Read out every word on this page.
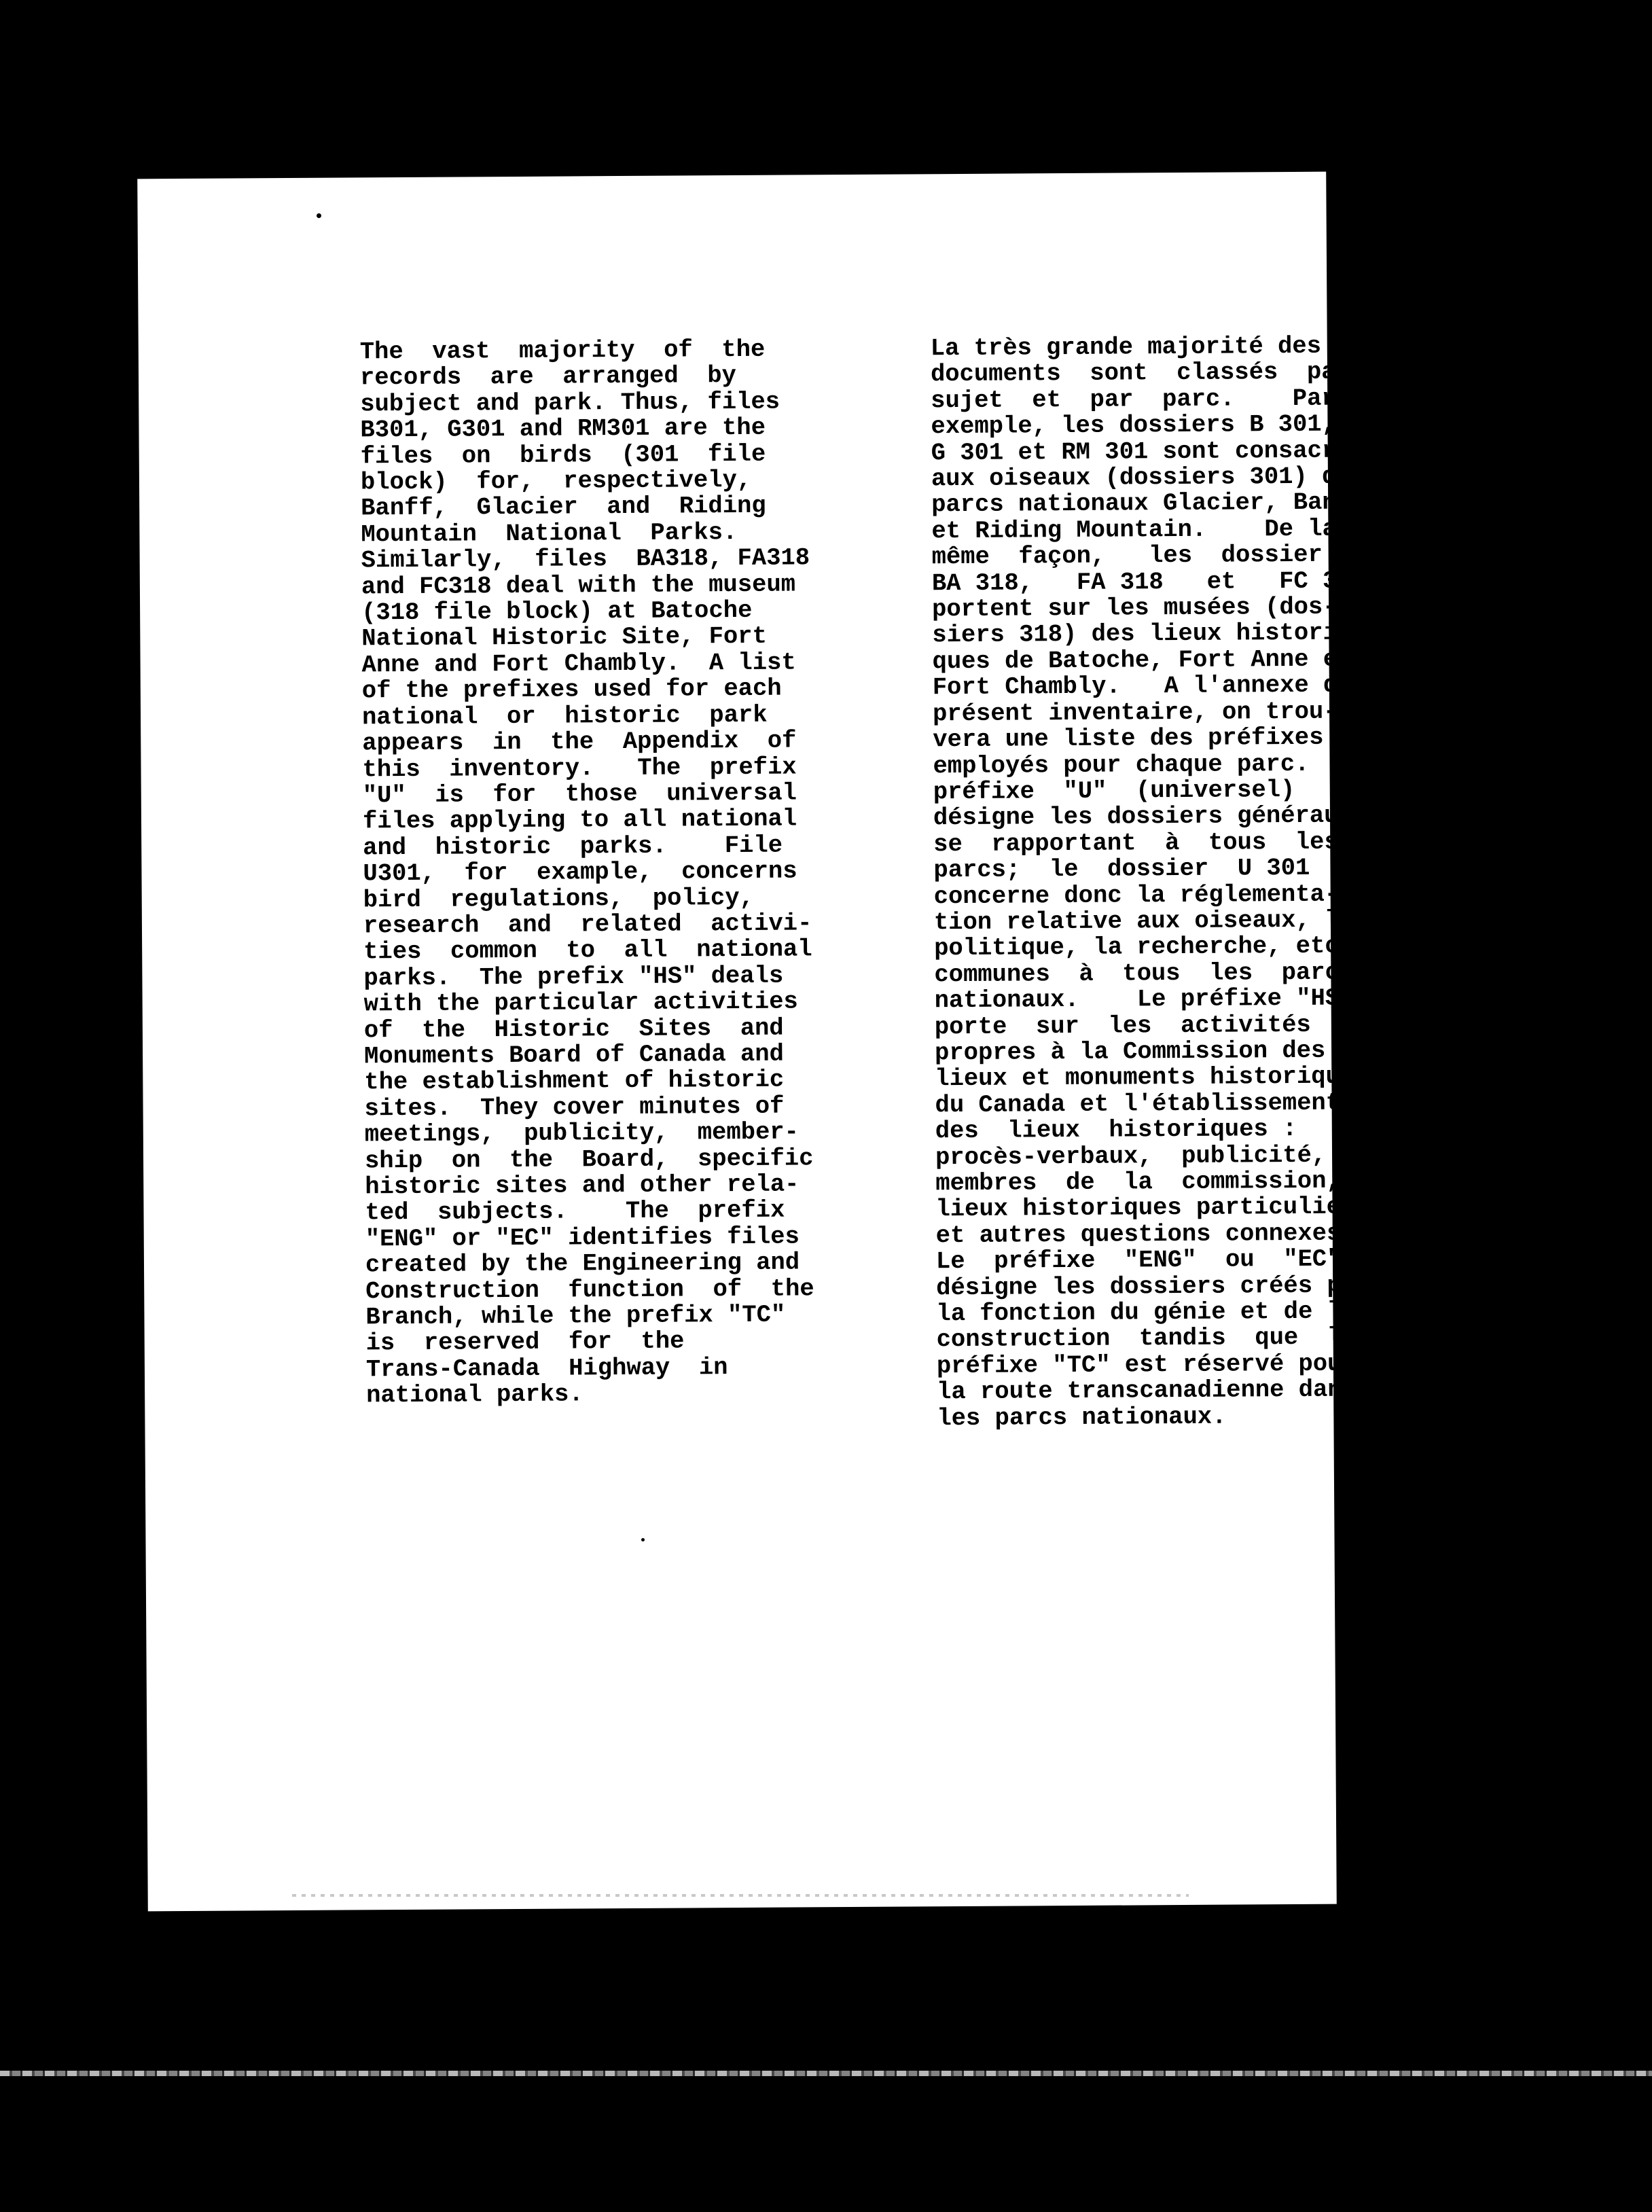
The  vast  majority  of  the
records  are  arranged  by
subject and park. Thus, files
B301, G301 and RM301 are the
files  on  birds  (301  file
block)  for,  respectively,
Banff,  Glacier  and  Riding
Mountain  National  Parks.
Similarly,  files  BA318, FA318
and FC318 deal with the museum
(318 file block) at Batoche
National Historic Site, Fort
Anne and Fort Chambly.  A list
of the prefixes used for each
national  or  historic  park
appears  in  the  Appendix  of
this  inventory.   The  prefix
"U"  is  for  those  universal
files applying to all national
and  historic  parks.    File
U301,  for  example,  concerns
bird  regulations,  policy,
research  and  related  activi-
ties  common  to  all  national
parks.  The prefix "HS" deals
with the particular activities
of  the  Historic  Sites  and
Monuments Board of Canada and
the establishment of historic
sites.  They cover minutes of
meetings,  publicity,  member-
ship  on  the  Board,  specific
historic sites and other rela-
ted  subjects.    The  prefix
"ENG" or "EC" identifies files
created by the Engineering and
Construction  function  of  the
Branch, while the prefix "TC"
is  reserved  for  the
Trans-Canada  Highway  in
national parks.
La très grande majorité des
documents  sont  classés  par
sujet  et  par  parc.    Par
exemple, les dossiers B 301,
G 301 et RM 301 sont consacrés
aux oiseaux (dossiers 301) des
parcs nationaux Glacier, Banff
et Riding Mountain.    De la
même  façon,   les  dossier
BA 318,   FA 318   et   FC 318
portent sur les musées (dos-
siers 318) des lieux histori-
ques de Batoche, Fort Anne et
Fort Chambly.   A l'annexe du
présent inventaire, on trou-
vera une liste des préfixes
employés pour chaque parc.  Le
préfixe  "U"  (universel)
désigne les dossiers généraux
se  rapportant  à  tous  les
parcs;  le  dossier  U 301
concerne donc la réglementa-
tion relative aux oiseaux, la
politique, la recherche, etc.,
communes  à  tous  les  parcs
nationaux.    Le préfixe "HS"
porte  sur  les  activités
propres à la Commission des
lieux et monuments historiques
du Canada et l'établissement
des  lieux  historiques :
procès-verbaux,  publicité,
membres  de  la  commission,
lieux historiques particuliers
et autres questions connexes.
Le  préfixe  "ENG"  ou  "EC"
désigne les dossiers créés par
la fonction du génie et de la
construction  tandis  que  le
préfixe "TC" est réservé pour
la route transcanadienne dans
les parcs nationaux.
